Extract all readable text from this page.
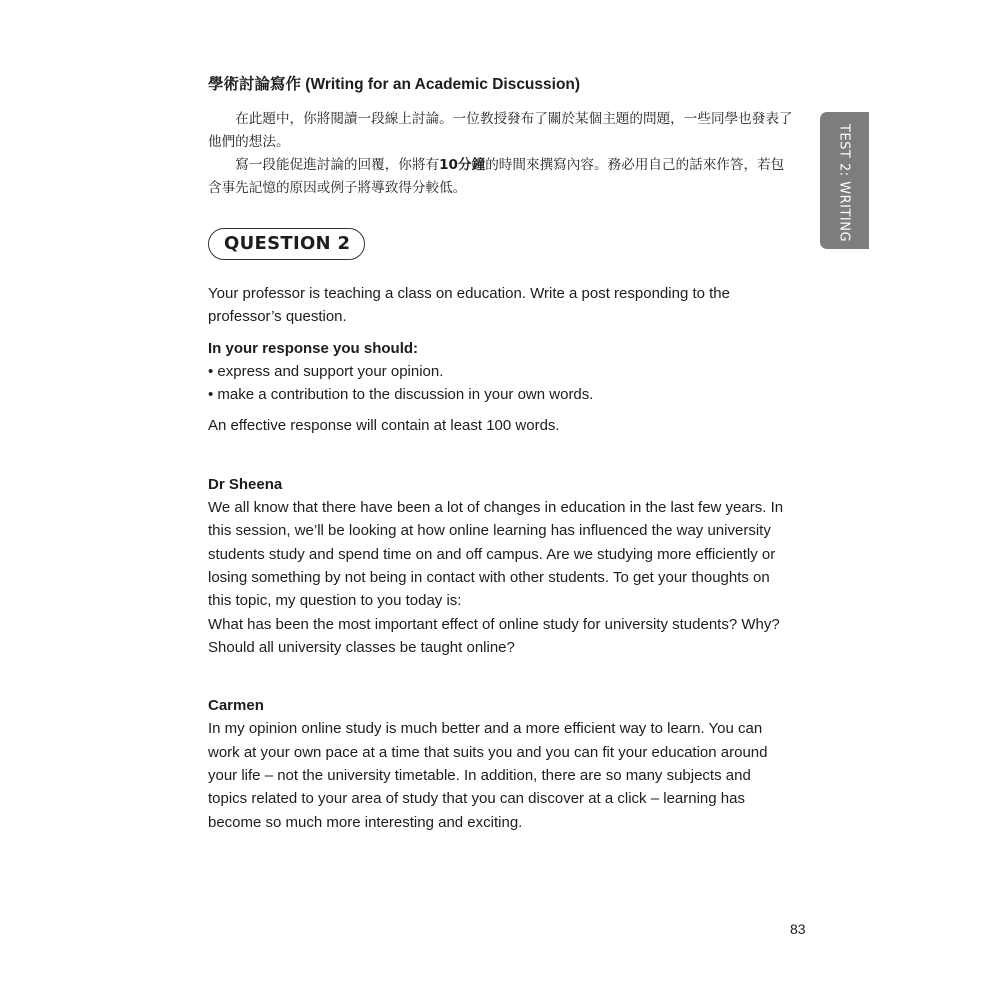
學術討論寫作 (Writing for an Academic Discussion)

在此題中，你將閱讀一段線上討論。一位教授發布了關於某個主題的問題，一些同學也發表了他們的想法。

寫一段能促進討論的回覆，你將有10分鐘的時間來撰寫內容。務必用自己的話來作答，若包含事先記憶的原因或例子將導致得分較低。

QUESTION 2

Your professor is teaching a class on education. Write a post responding to the professor’s question.

In your response you should:

• express and support your opinion.
• make a contribution to the discussion in your own words.

An effective response will contain at least 100 words.

Dr Sheena

We all know that there have been a lot of changes in education in the last few years. In this session, we’ll be looking at how online learning has influenced the way university students study and spend time on and off campus. Are we studying more efficiently or losing something by not being in contact with other students. To get your thoughts on this topic, my question to you today is:

What has been the most important effect of online study for university students? Why? Should all university classes be taught online?

Carmen

In my opinion online study is much better and a more efficient way to learn. You can work at your own pace at a time that suits you and you can fit your education around your life – not the university timetable. In addition, there are so many subjects and topics related to your area of study that you can discover at a click – learning has become so much more interesting and exciting.

TEST 2: WRITING
83
